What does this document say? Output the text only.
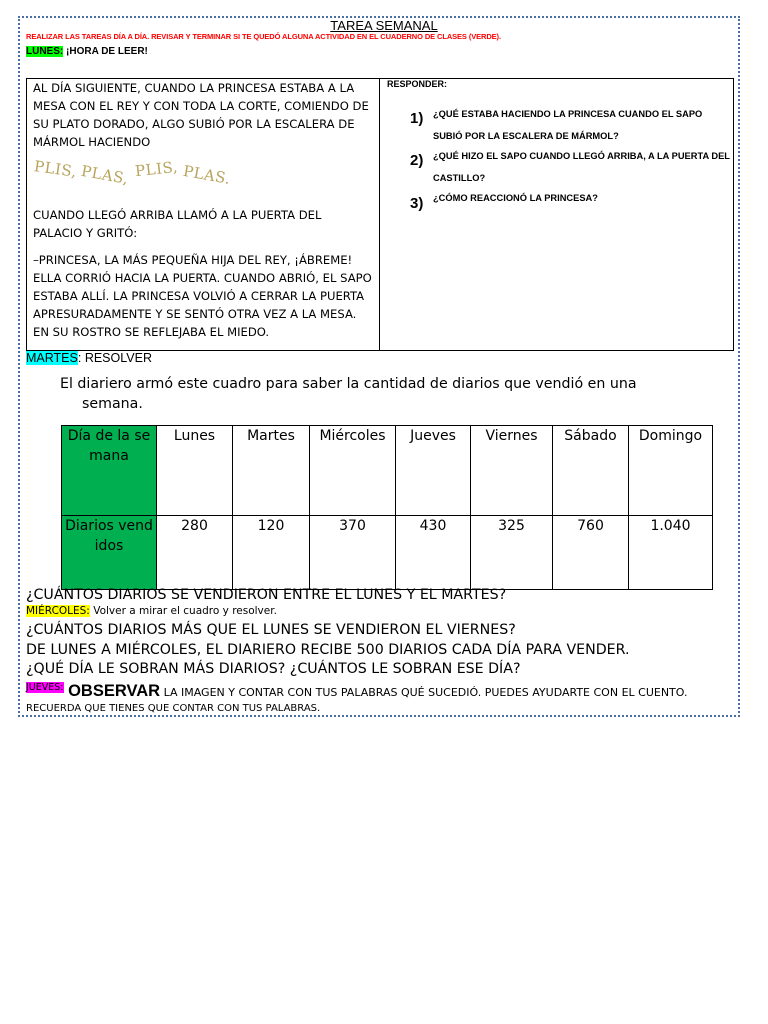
TAREA SEMANAL
REALIZAR LAS TAREAS DÍA A DÍA. REVISAR Y TERMINAR SI TE QUEDÓ ALGUNA ACTIVIDAD EN EL CUADERNO DE CLASES (VERDE).
LUNES: ¡HORA DE LEER!
AL DÍA SIGUIENTE, CUANDO LA PRINCESA ESTABA A LA MESA CON EL REY Y CON TODA LA CORTE, COMIENDO DE SU PLATO DORADO, ALGO SUBIÓ POR LA ESCALERA DE MÁRMOL HACIENDO
PLIS, PLAS, PLIS, PLAS.
CUANDO LLEGÓ ARRIBA LLAMÓ A LA PUERTA DEL PALACIO Y GRITÓ:
–PRINCESA, LA MÁS PEQUEÑA HIJA DEL REY, ¡ÁBREME! ELLA CORRIÓ HACIA LA PUERTA. CUANDO ABRIÓ, EL SAPO ESTABA ALLÍ. LA PRINCESA VOLVIÓ A CERRAR LA PUERTA APRESURADAMENTE Y SE SENTÓ OTRA VEZ A LA MESA. EN SU ROSTRO SE REFLEJABA EL MIEDO.
RESPONDER:
1) ¿QUÉ ESTABA HACIENDO LA PRINCESA CUANDO EL SAPO SUBIÓ POR LA ESCALERA DE MÁRMOL?
2) ¿QUÉ HIZO EL SAPO CUANDO LLEGÓ ARRIBA, A LA PUERTA DEL CASTILLO?
3) ¿CÓMO REACCIONÓ LA PRINCESA?
MARTES: RESOLVER
El diariero armó este cuadro para saber la cantidad de diarios que vendió en una
semana.
Día de la semana	Lunes	Martes	Miércoles	Jueves	Viernes	Sábado	Domingo
Diarios vendidos	280	120	370	430	325	760	1.040
¿CUÁNTOS DIARIOS SE VENDIERON ENTRE EL LUNES Y EL MARTES?
MIÉRCOLES: Volver a mirar el cuadro y resolver.
¿CUÁNTOS DIARIOS MÁS QUE EL LUNES SE VENDIERON EL VIERNES?
DE LUNES A MIÉRCOLES, EL DIARIERO RECIBE 500 DIARIOS CADA DÍA PARA VENDER.
¿QUÉ DÍA LE SOBRAN MÁS DIARIOS? ¿CUÁNTOS LE SOBRAN ESE DÍA?
$^{JUEVES:}$ OBSERVAR LA IMAGEN Y CONTAR CON TUS PALABRAS QUÉ SUCEDIÓ. PUEDES AYUDARTE CON EL CUENTO.
RECUERDA QUE TIENES QUE CONTAR CON TUS PALABRAS.
